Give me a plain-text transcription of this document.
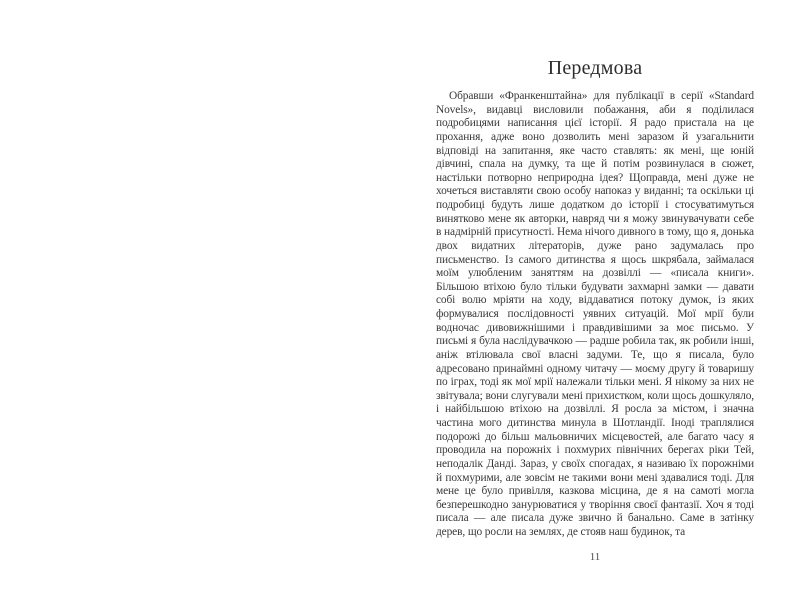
Передмова

Обравши «Франкенштайна» для публікації в серії «Standard Novels», видавці висловили побажання, аби я поділилася подробицями написання цієї історії. Я радо пристала на це прохання, адже воно дозволить мені заразом й узагальнити відповіді на запитання, яке часто ставлять: як мені, ще юній дівчині, спала на думку, та ще й потім розвинулася в сюжет, настільки потворно неприродна ідея? Щоправда, мені дуже не хочеться виставляти свою особу напоказ у виданні; та оскільки ці подробиці будуть лише додатком до історії і стосуватимуться винятково мене як авторки, навряд чи я можу звинувачувати себе в надмірній присутності. Нема нічого дивного в тому, що я, донька двох видатних літераторів, дуже рано задумалась про письменство. Із самого дитинства я щось шкрябала, займалася моїм улюбленим заняттям на дозвіллі — «писала книги». Більшою втіхою було тільки будувати захмарні замки — давати собі волю мріяти на ходу, віддаватися потоку думок, із яких формувалися послідовності уявних ситуацій. Мої мрії були водночас дивовижнішими і правдивішими за моє письмо. У письмі я була наслідувачкою — радше робила так, як робили інші, аніж втілювала свої власні задуми. Те, що я писала, було адресовано принаймні одному читачу — моєму другу й товаришу по іграх, тоді як мої мрії належали тільки мені. Я нікому за них не звітувала; вони слугували мені прихистком, коли щось дошкуляло, і найбільшою втіхою на дозвіллі. Я росла за містом, і значна частина мого дитинства минула в Шотландії. Іноді траплялися подорожі до більш мальовничих місцевостей, але багато часу я проводила на порожніх і похмурих північних берегах ріки Тей, неподалік Данді. Зараз, у своїх спогадах, я називаю їх порожніми й похмурими, але зовсім не такими вони мені здавалися тоді. Для мене це було привілля, казкова місцина, де я на самоті могла безперешкодно занурюватися у творіння своєї фантазії. Хоч я тоді писала — але писала дуже звично й банально. Саме в затінку дерев, що росли на землях, де стояв наш будинок, та

11
